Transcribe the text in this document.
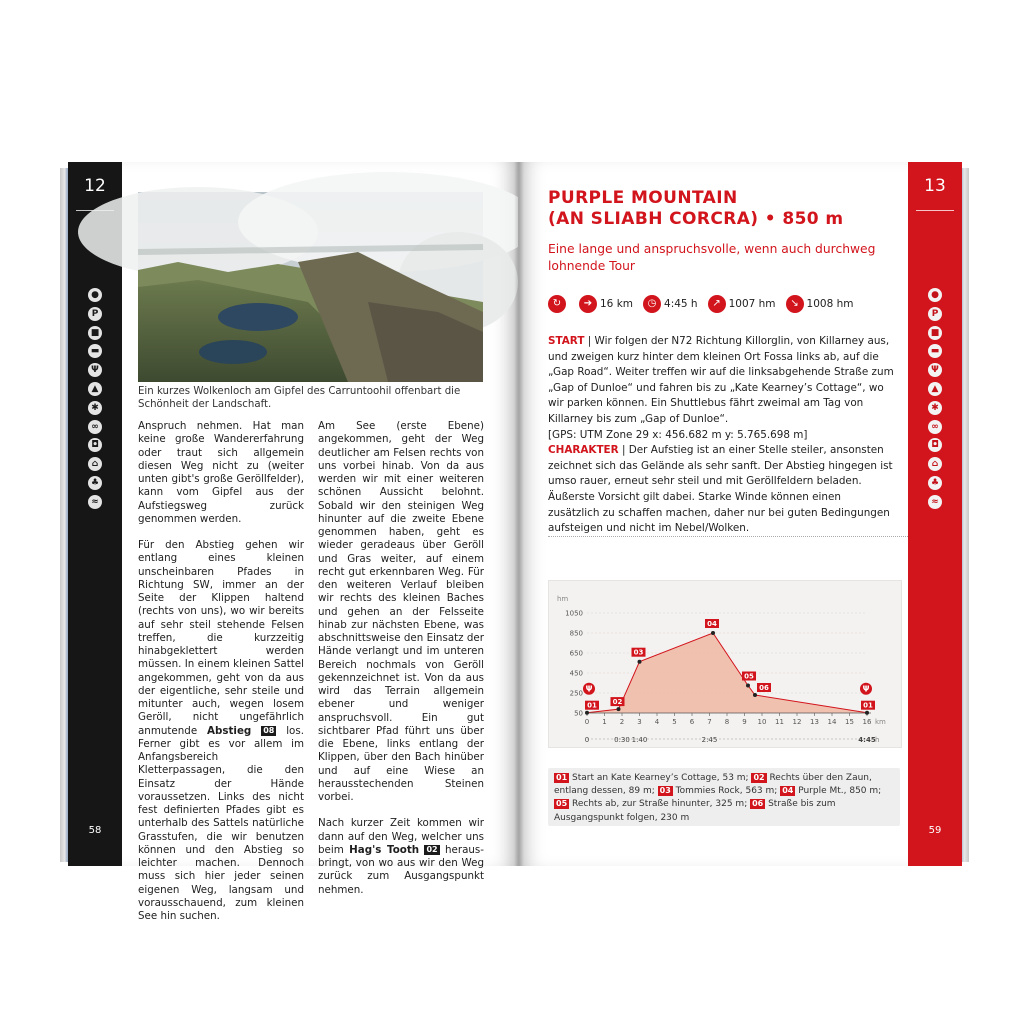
12
●
P
■
▬
Ψ
▲
✱
∞
◘
⌂
♣
≈
58
Ein kurzes Wolkenloch am Gipfel des Carruntoohil offenbart die Schönheit der Landschaft.

Anspruch nehmen. Hat man keine große Wandererfahrung oder traut sich allgemein diesen Weg nicht zu (weiter unten gibt's große Geröllfelder), kann vom Gipfel aus der Aufstiegsweg zurück genommen werden.

Für den Abstieg gehen wir entlang eines kleinen unscheinbaren Pfades in Richtung SW, immer an der Seite der Klippen haltend (rechts von uns), wo wir bereits auf sehr steil stehende Felsen treffen, die kurzzeitig hinabgeklettert werden müssen. In einem kleinen Sattel angekommen, geht von da aus der eigentliche, sehr steile und mitunter auch, wegen losem Geröll, nicht ungefährlich anmutende Abstieg 08 los. Ferner gibt es vor allem im Anfangsbereich Kletterpassagen, die den Einsatz der Hände voraussetzen. Links des nicht fest definierten Pfades gibt es unterhalb des Sattels natürliche Grasstufen, die wir benutzen können und den Abstieg so leichter machen. Dennoch muss sich hier jeder seinen eigenen Weg, langsam und vorausschauend, zum kleinen See hin suchen.

Am See (erste Ebene) angekommen, geht der Weg deutlicher am Felsen rechts von uns vorbei hinab. Von da aus werden wir mit einer weiteren schönen Aussicht belohnt. Sobald wir den steinigen Weg hinunter auf die zweite Ebene genommen haben, geht es wieder geradeaus über Geröll und Gras weiter, auf einem recht gut erkennbaren Weg. Für den weiteren Verlauf bleiben wir rechts des kleinen Baches und gehen an der Felsseite hinab zur nächsten Ebene, was abschnittsweise den Einsatz der Hände verlangt und im unteren Bereich nochmals von Geröll gekennzeichnet ist. Von da aus wird das Terrain allgemein ebener und weniger anspruchsvoll. Ein gut sichtbarer Pfad führt uns über die Ebene, links entlang der Klippen, über den Bach hinüber und auf eine Wiese an herausstechenden Steinen vorbei.

Nach kurzer Zeit kommen wir dann auf den Weg, welcher uns beim Hag's Tooth 02 herausbringt, von wo aus wir den Weg zurück zum Ausgangspunkt nehmen.

PURPLE MOUNTAIN
(AN SLIABH CORCRA) • 850 m
Eine lange und anspruchsvolle, wenn auch durchweg lohnende Tour
↻	➔ 16 km	◷ 4:45 h	↗ 1007 hm	↘ 1008 hm

START | Wir folgen der N72 Richtung Killorglin, von Killarney aus, und zweigen kurz hinter dem kleinen Ort Fossa links ab, auf die „Gap Road“. Weiter treffen wir auf die linksabgehende Straße zum „Gap of Dunloe“ und fahren bis zu „Kate Kearney’s Cottage“, wo wir parken können. Ein Shuttlebus fährt zweimal am Tag von Killarney bis zum „Gap of Dunloe“.

[GPS: UTM Zone 29 x: 456.682 m y: 5.765.698 m]

CHARAKTER | Der Aufstieg ist an einer Stelle steiler, ansonsten zeichnet sich das Gelände als sehr sanft. Der Abstieg hingegen ist umso rauer, erneut sehr steil und mit Geröllfeldern beladen. Äußerste Vorsicht gilt dabei. Starke Winde können einen zusätzlich zu schaffen machen, daher nur bei guten Bedingungen aufsteigen und nicht im Nebel/Wolken.

hm
1050
850
650
450
250
50
0 1 2 3 4 5 6 7 8 9 10 11 12 13 14 15 16 km
0	0:30 1:40	2:45	4:45 h
01 02
03
04
05
06
01
Ψ	Ψ
01 Start an Kate Kearney’s Cottage, 53 m; 02 Rechts über den Zaun, entlang dessen, 89 m; 03 Tommies Rock, 563 m; 04 Purple Mt., 850 m; 05 Rechts ab, zur Straße hinunter, 325 m; 06 Straße bis zum Ausgangspunkt folgen, 230 m
13
●
P
■
▬
Ψ
▲
✱
∞
◘
⌂
♣
≈
59
